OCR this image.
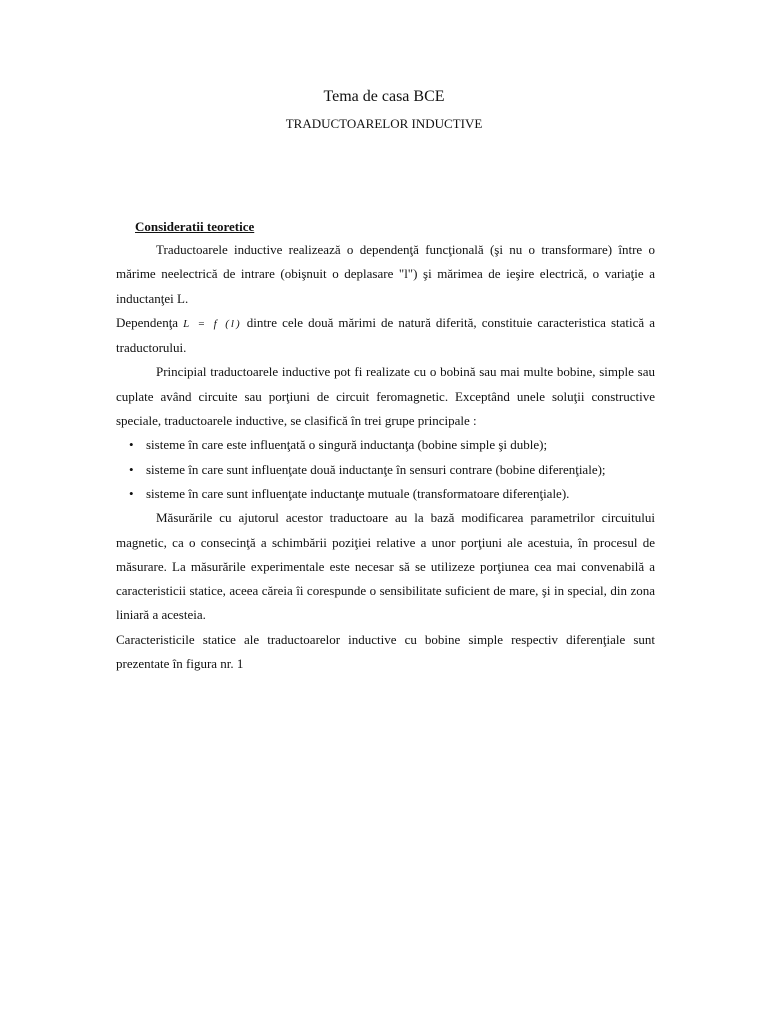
Tema de casa BCE
TRADUCTOARELOR INDUCTIVE
Consideratii teoretice

Traductoarele inductive realizează o dependenţă funcţională (şi nu o transformare) între o mărime neelectrică de intrare (obişnuit o deplasare "l") şi mărimea de ieşire electrică, o variaţie a inductanţei L.

Dependenţa L = f (l) dintre cele două mărimi de natură diferită, constituie caracteristica statică a traductorului.

Principial traductoarele inductive pot fi realizate cu o bobină sau mai multe bobine, simple sau cuplate având circuite sau porţiuni de circuit feromagnetic. Exceptând unele soluţii constructive speciale, traductoarele inductive, se clasifică în trei grupe principale :

• sisteme în care este influenţată o singură inductanţa (bobine simple şi duble);
• sisteme în care sunt influenţate două inductanţe în sensuri contrare (bobine diferenţiale);
• sisteme în care sunt influenţate inductanţe mutuale (transformatoare diferenţiale).

Măsurările cu ajutorul acestor traductoare au la bază modificarea parametrilor circuitului magnetic, ca o consecinţă a schimbării poziţiei relative a unor porţiuni ale acestuia, în procesul de măsurare. La măsurările experimentale este necesar să se utilizeze porţiunea cea mai convenabilă a caracteristicii statice, aceea căreia îi corespunde o sensibilitate suficient de mare, şi in special, din zona liniară a acesteia.

Caracteristicile statice ale traductoarelor inductive cu bobine simple respectiv diferenţiale sunt prezentate în figura nr. 1
